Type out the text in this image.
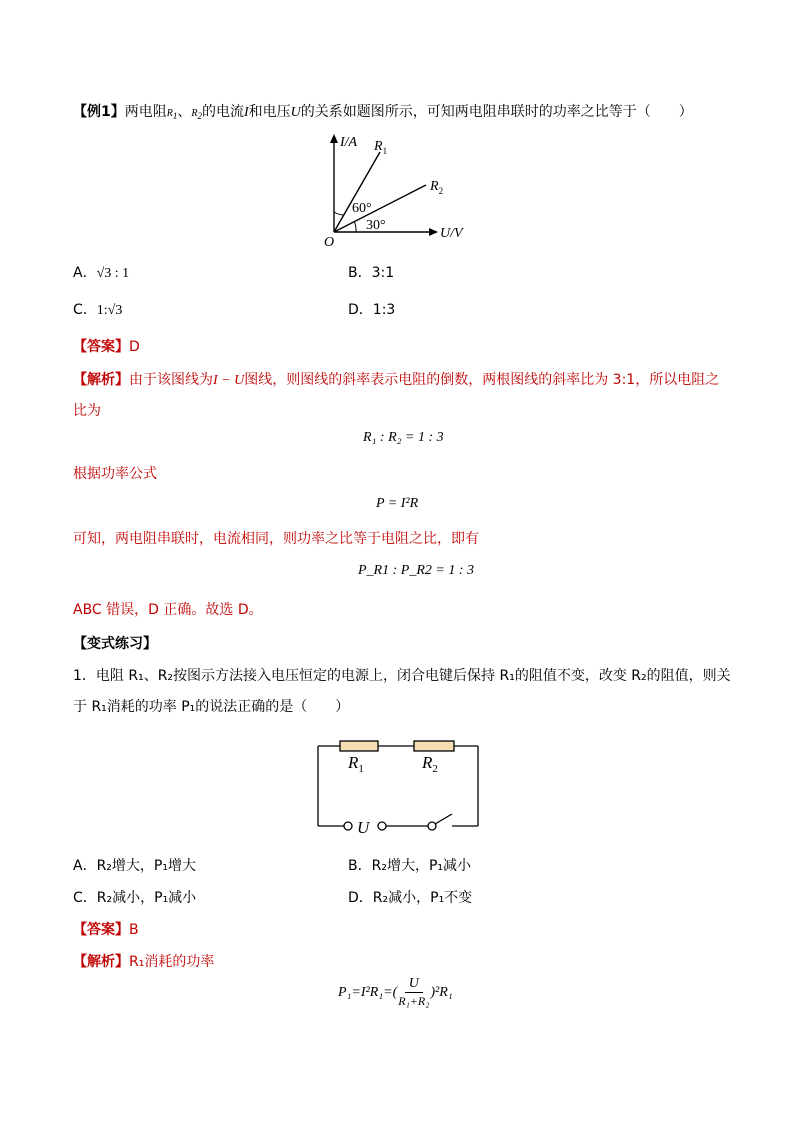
【例1】两电阻R1、R2的电流I和电压U的关系如题图所示，可知两电阻串联时的功率之比等于（　　）
I/A
U/V
O
$R_1$
$R_2$
60°
30°
A．√3 : 1	B．3:1
C．1:√3	D．1:3
【答案】D
【解析】由于该图线为I − U图线，则图线的斜率表示电阻的倒数，两根图线的斜率比为 3:1，所以电阻之
比为
R₁ : R₂ = 1 : 3
根据功率公式
P = I²R
可知，两电阻串联时，电流相同，则功率之比等于电阻之比，即有
P_R1 : P_R2 = 1 : 3
ABC 错误，D 正确。故选 D。
【变式练习】
1．电阻 R₁、R₂按图示方法接入电压恒定的电源上，闭合电键后保持 R₁的阻值不变，改变 R₂的阻值，则关
于 R₁消耗的功率 P₁的说法正确的是（　　）
$R_1$	$R_2$
U
A．R₂增大，P₁增大	B．R₂增大，P₁减小
C．R₂减小，P₁减小	D．R₂减小，P₁不变
【答案】B
【解析】R₁消耗的功率
$P_1=I^2R_1=( \frac{U}{\text{R₁+R₂}} )^2R_1$
